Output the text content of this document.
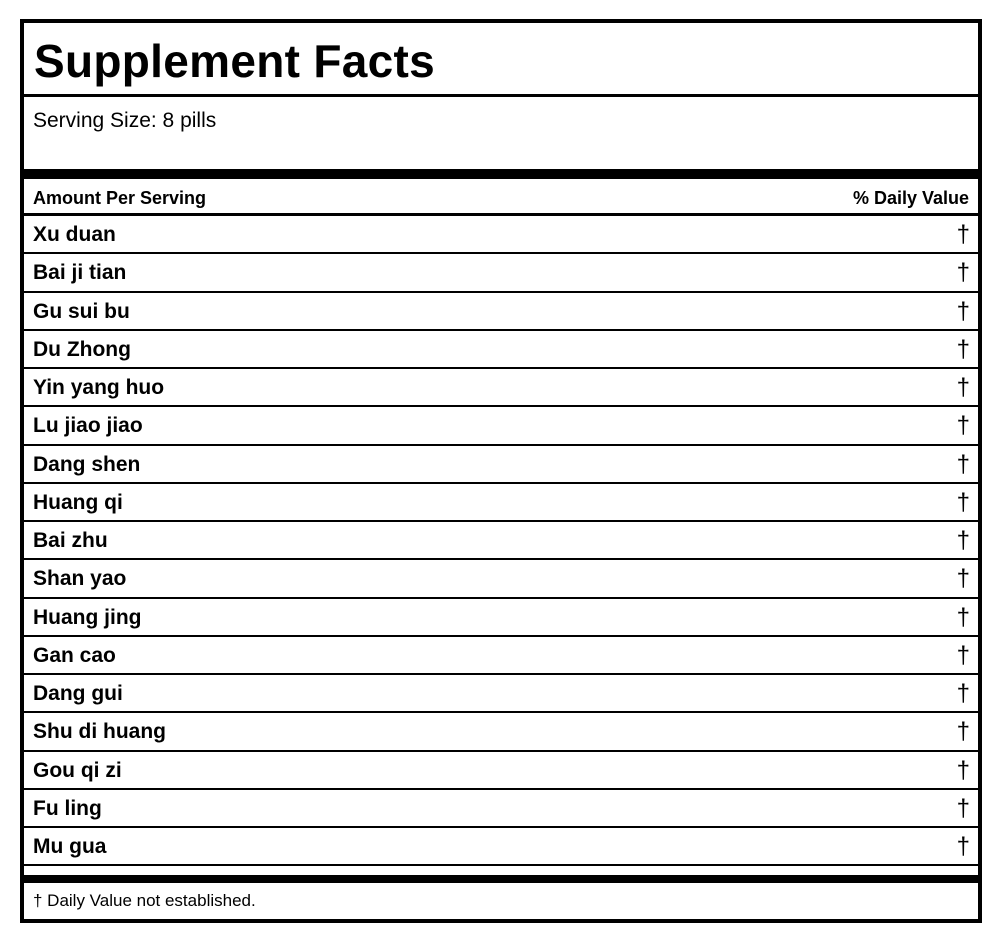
Supplement Facts
Serving Size: 8 pills
Amount Per Serving	% Daily Value
Xu duan	†
Bai ji tian	†
Gu sui bu	†
Du Zhong	†
Yin yang huo	†
Lu jiao jiao	†
Dang shen	†
Huang qi	†
Bai zhu	†
Shan yao	†
Huang jing	†
Gan cao	†
Dang gui	†
Shu di huang	†
Gou qi zi	†
Fu ling	†
Mu gua	†
† Daily Value not established.
